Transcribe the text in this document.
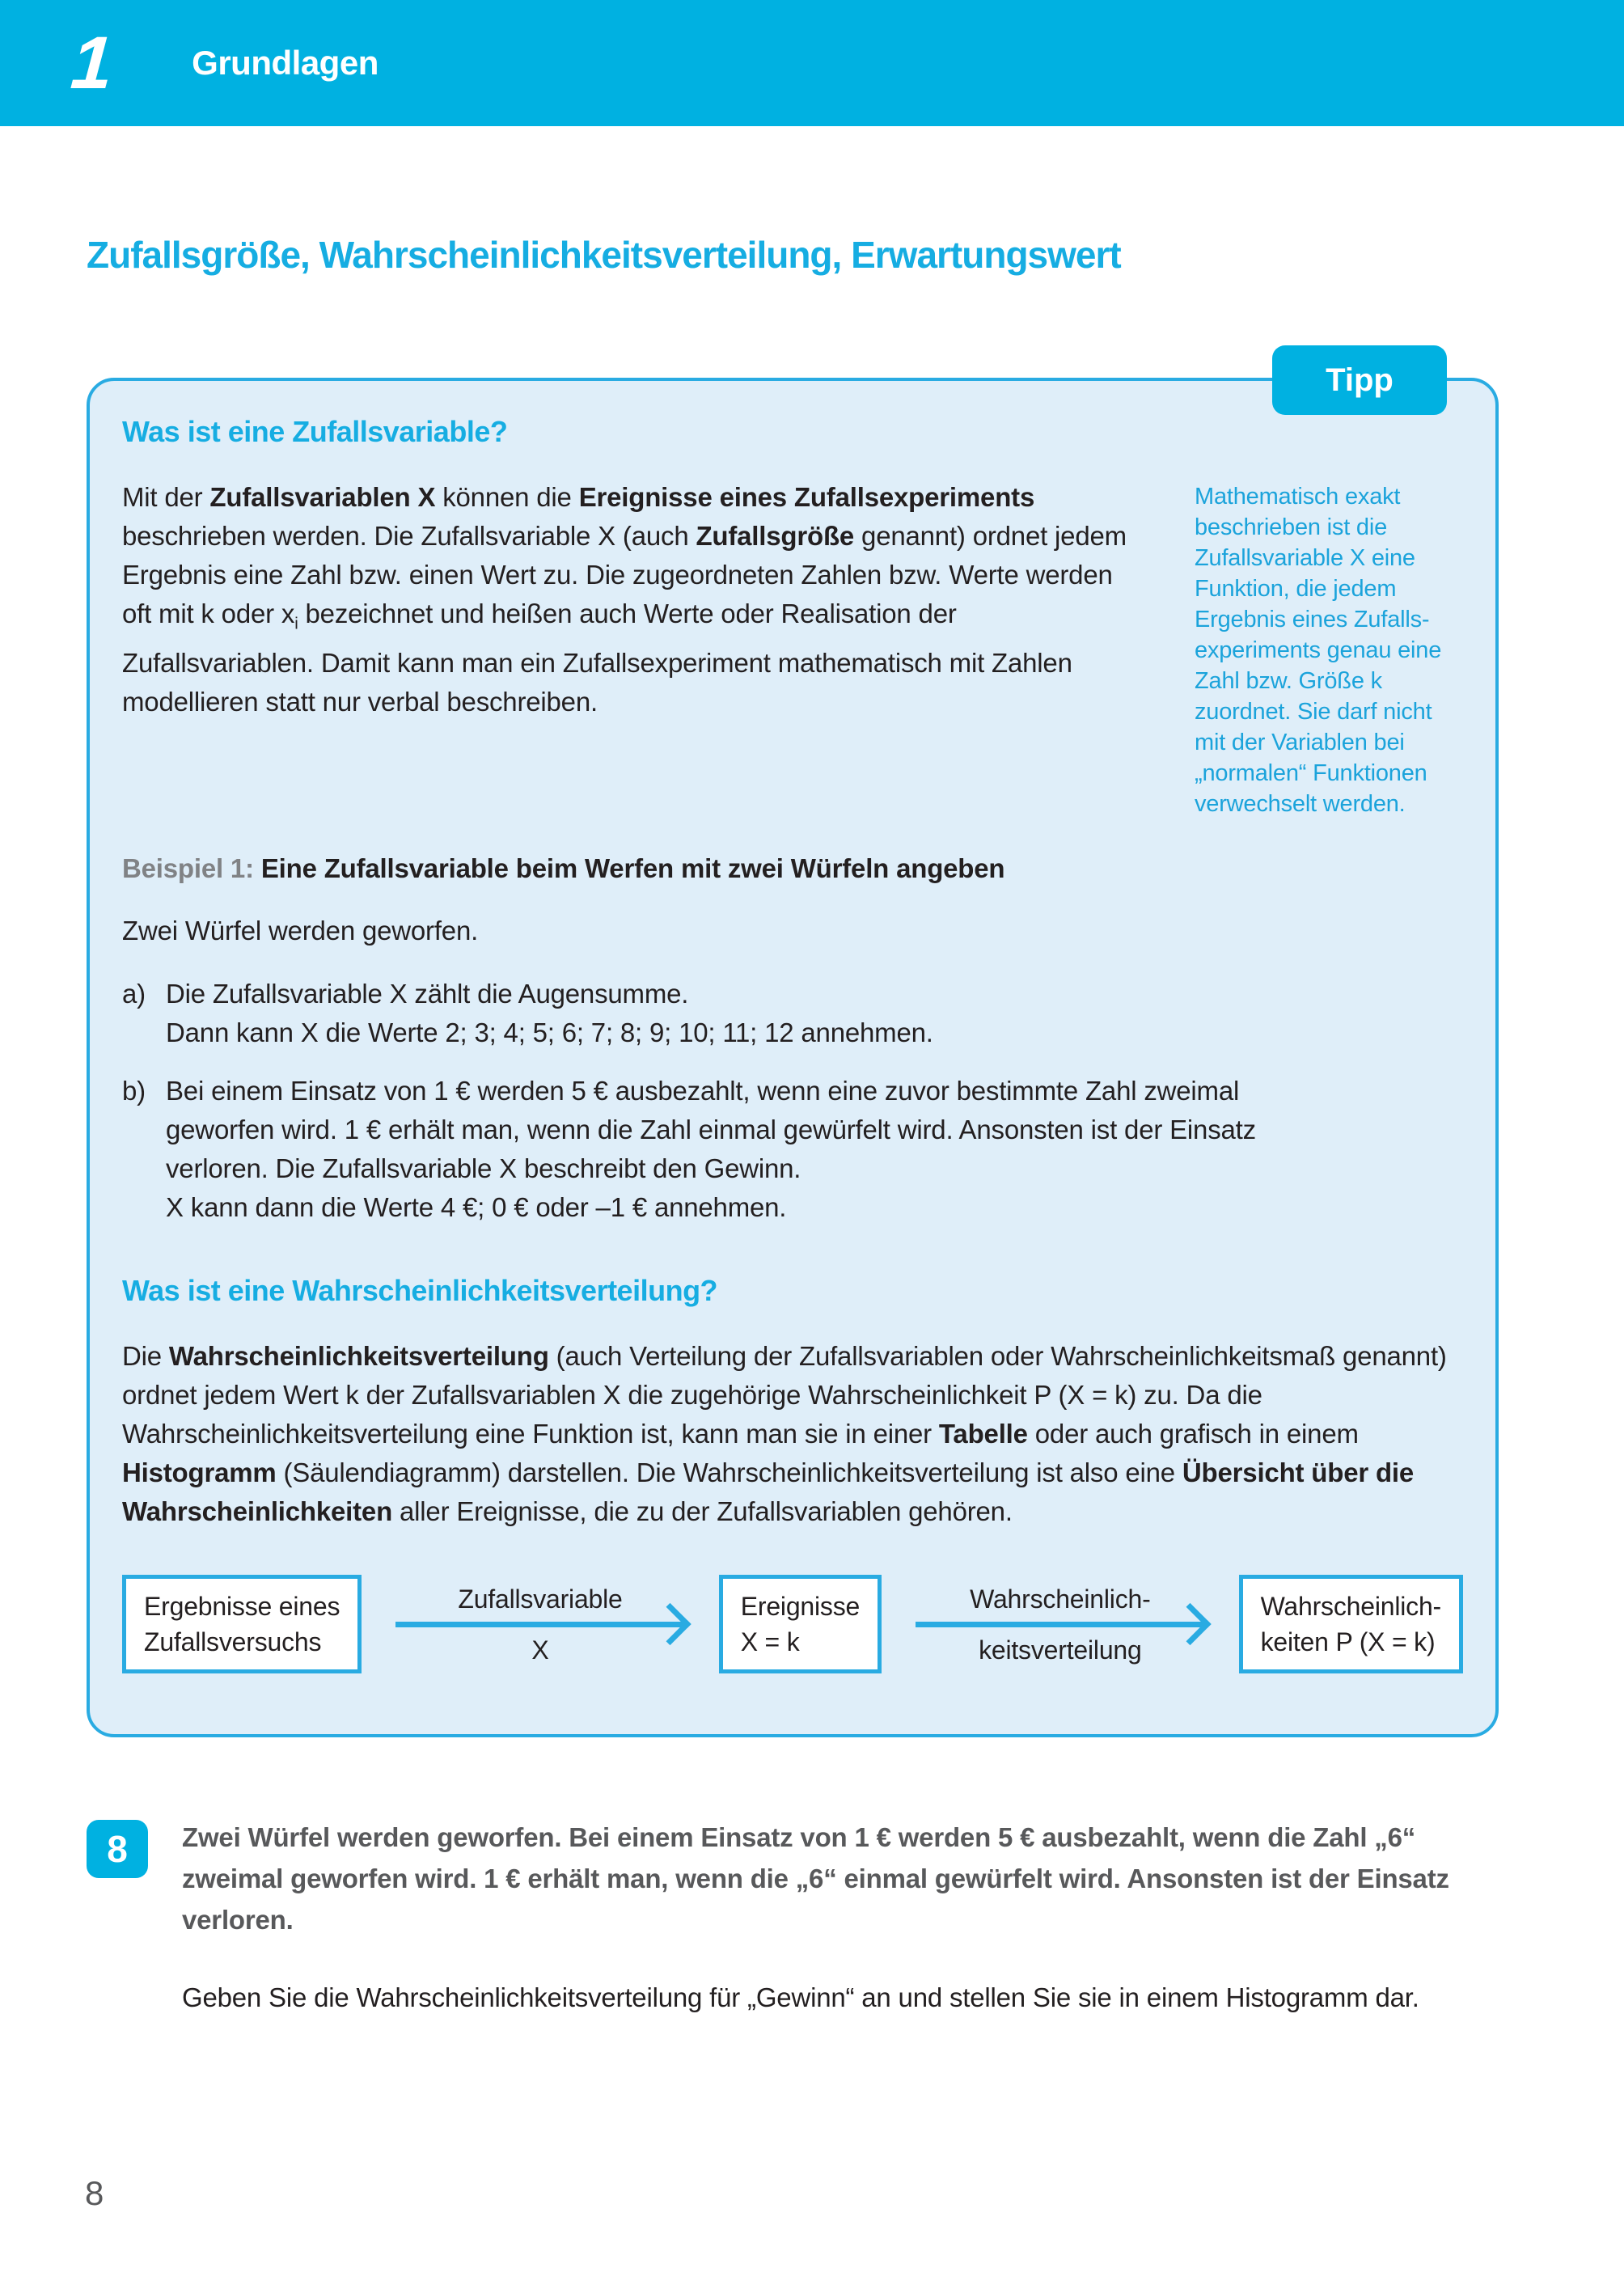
1 Grundlagen
Zufallsgröße, Wahrscheinlichkeitsverteilung, Erwartungswert
Tipp
Was ist eine Zufallsvariable?

Mit der Zufallsvariablen X können die Ereignisse eines Zufallsexperiments beschrieben werden. Die Zufallsvariable X (auch Zufallsgröße genannt) ordnet jedem Ergebnis eine Zahl bzw. einen Wert zu. Die zugeordneten Zahlen bzw. Werte werden oft mit k oder $x_i$ bezeichnet und heißen auch Werte oder Realisation der Zufallsvariablen. Damit kann man ein Zufallsexperiment mathematisch mit Zahlen modellieren statt nur verbal beschreiben.

Mathematisch exakt beschrieben ist die Zufallsvariable X eine Funktion, die jedem Ergebnis eines Zufallsexperiments genau eine Zahl bzw. Größe k zuordnet. Sie darf nicht mit der Variablen bei „normalen“ Funktionen verwechselt werden.

Beispiel 1: Eine Zufallsvariable beim Werfen mit zwei Würfeln angeben

Zwei Würfel werden geworfen.

a) Die Zufallsvariable X zählt die Augensumme.

Dann kann X die Werte 2; 3; 4; 5; 6; 7; 8; 9; 10; 11; 12 annehmen.

b) Bei einem Einsatz von 1 € werden 5 € ausbezahlt, wenn eine zuvor bestimmte Zahl zweimal geworfen wird. 1 € erhält man, wenn die Zahl einmal gewürfelt wird. Ansonsten ist der Einsatz verloren. Die Zufallsvariable X beschreibt den Gewinn.

X kann dann die Werte 4 €; 0 € oder –1 € annehmen.

Was ist eine Wahrscheinlichkeitsverteilung?

Die Wahrscheinlichkeitsverteilung (auch Verteilung der Zufallsvariablen oder Wahrscheinlichkeitsmaß genannt) ordnet jedem Wert k der Zufallsvariablen X die zugehörige Wahrscheinlichkeit P (X = k) zu. Da die Wahrscheinlichkeitsverteilung eine Funktion ist, kann man sie in einer Tabelle oder auch grafisch in einem Histogramm (Säulendiagramm) darstellen. Die Wahrscheinlichkeitsverteilung ist also eine Übersicht über die Wahrscheinlichkeiten aller Ereignisse, die zu der Zufallsvariablen gehören.

Ergebnisse eines
Zufallsversuchs
Zufallsvariable
X
Ereignisse
X = k
Wahrscheinlich-
keitsverteilung
Wahrscheinlich-
keiten P (X = k)
8	Zwei Würfel werden geworfen. Bei einem Einsatz von 1 € werden 5 € ausbezahlt, wenn die Zahl „6“ zweimal geworfen wird. 1 € erhält man, wenn die „6“ einmal gewürfelt wird. Ansonsten ist der Einsatz verloren.

Geben Sie die Wahrscheinlichkeitsverteilung für „Gewinn“ an und stellen Sie sie in einem Histogramm dar.

8
